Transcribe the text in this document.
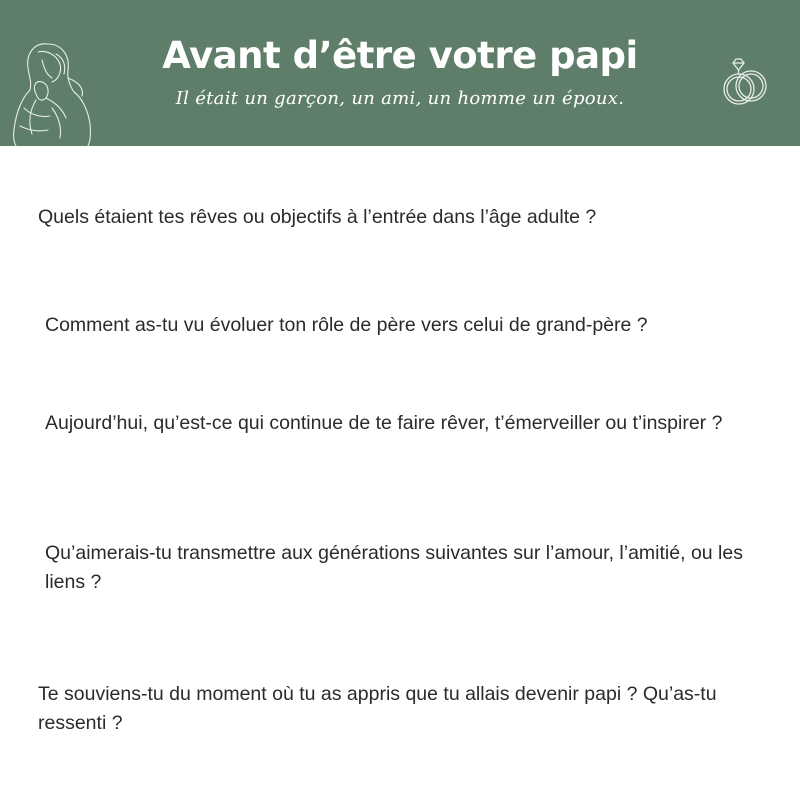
Avant d’être votre papi
Il était un garçon, un ami, un homme un époux.

Quels étaient tes rêves ou objectifs à l’entrée dans l’âge adulte ?

Comment as-tu vu évoluer ton rôle de père vers celui de grand-père ?

Aujourd’hui, qu’est-ce qui continue de te faire rêver, t’émerveiller ou t’inspirer ?

Qu’aimerais-tu transmettre aux générations suivantes sur l’amour, l’amitié, ou les liens ?

Te souviens-tu du moment où tu as appris que tu allais devenir papi ? Qu’as-tu ressenti ?
